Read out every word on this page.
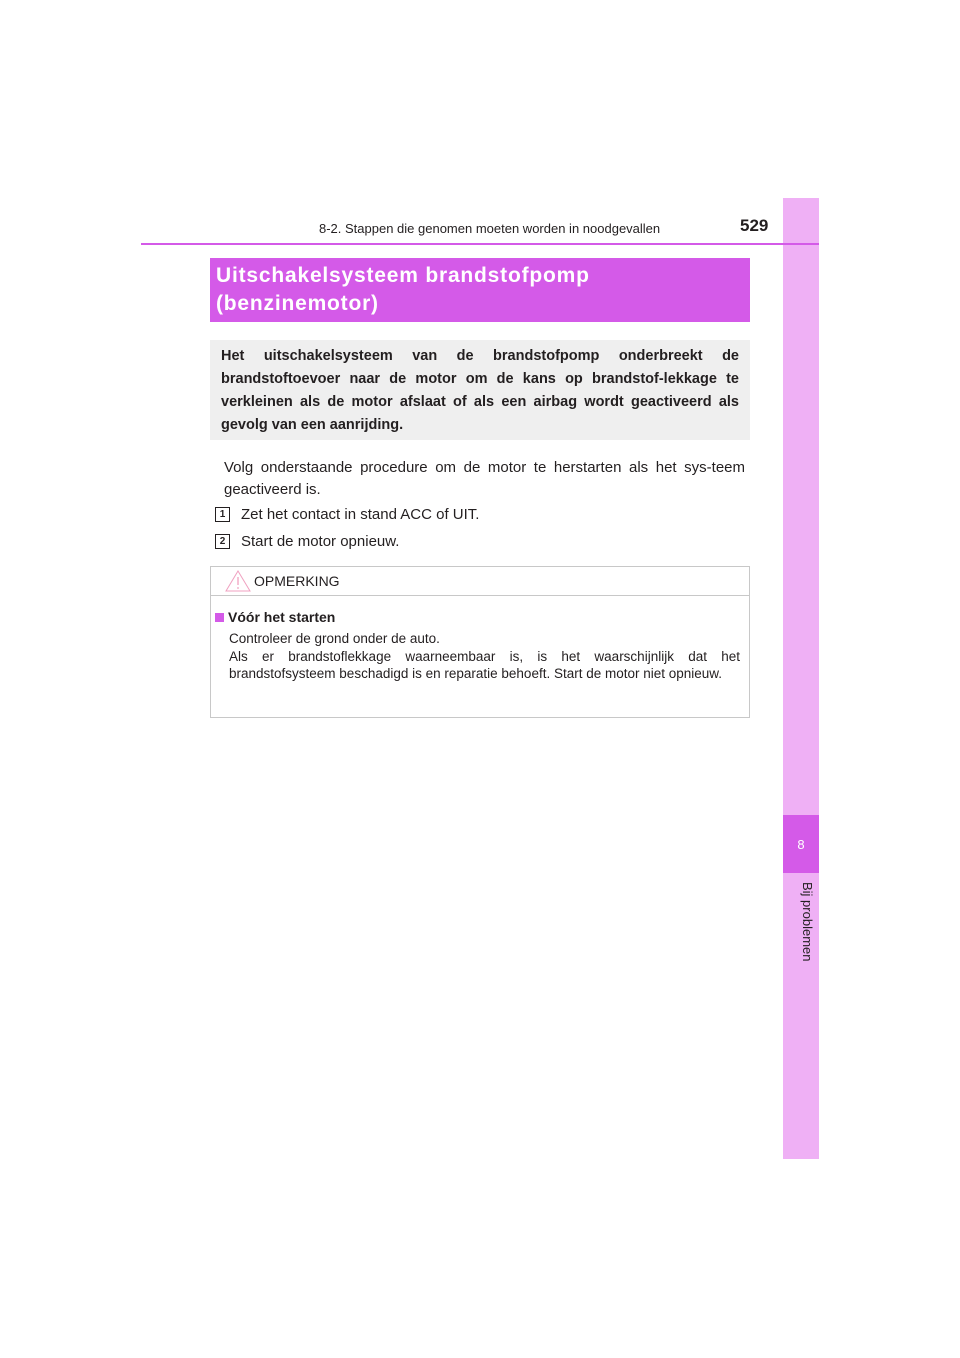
8
Bij problemen
8-2. Stappen die genomen moeten worden in noodgevallen	529
Uitschakelsysteem brandstofpomp
(benzinemotor)
Het uitschakelsysteem van de brandstofpomp onderbreekt de brandstoftoevoer naar de motor om de kans op brandstof-lekkage te verkleinen als de motor afslaat of als een airbag wordt geactiveerd als gevolg van een aanrijding.
Volg onderstaande procedure om de motor te herstarten als het sys-teem geactiveerd is.
1	Zet het contact in stand ACC of UIT.
2	Start de motor opnieuw.
OPMERKING
Vóór het starten

Controleer de grond onder de auto.

Als er brandstoflekkage waarneembaar is, is het waarschijnlijk dat het brandstofsysteem beschadigd is en reparatie behoeft. Start de motor niet opnieuw.
